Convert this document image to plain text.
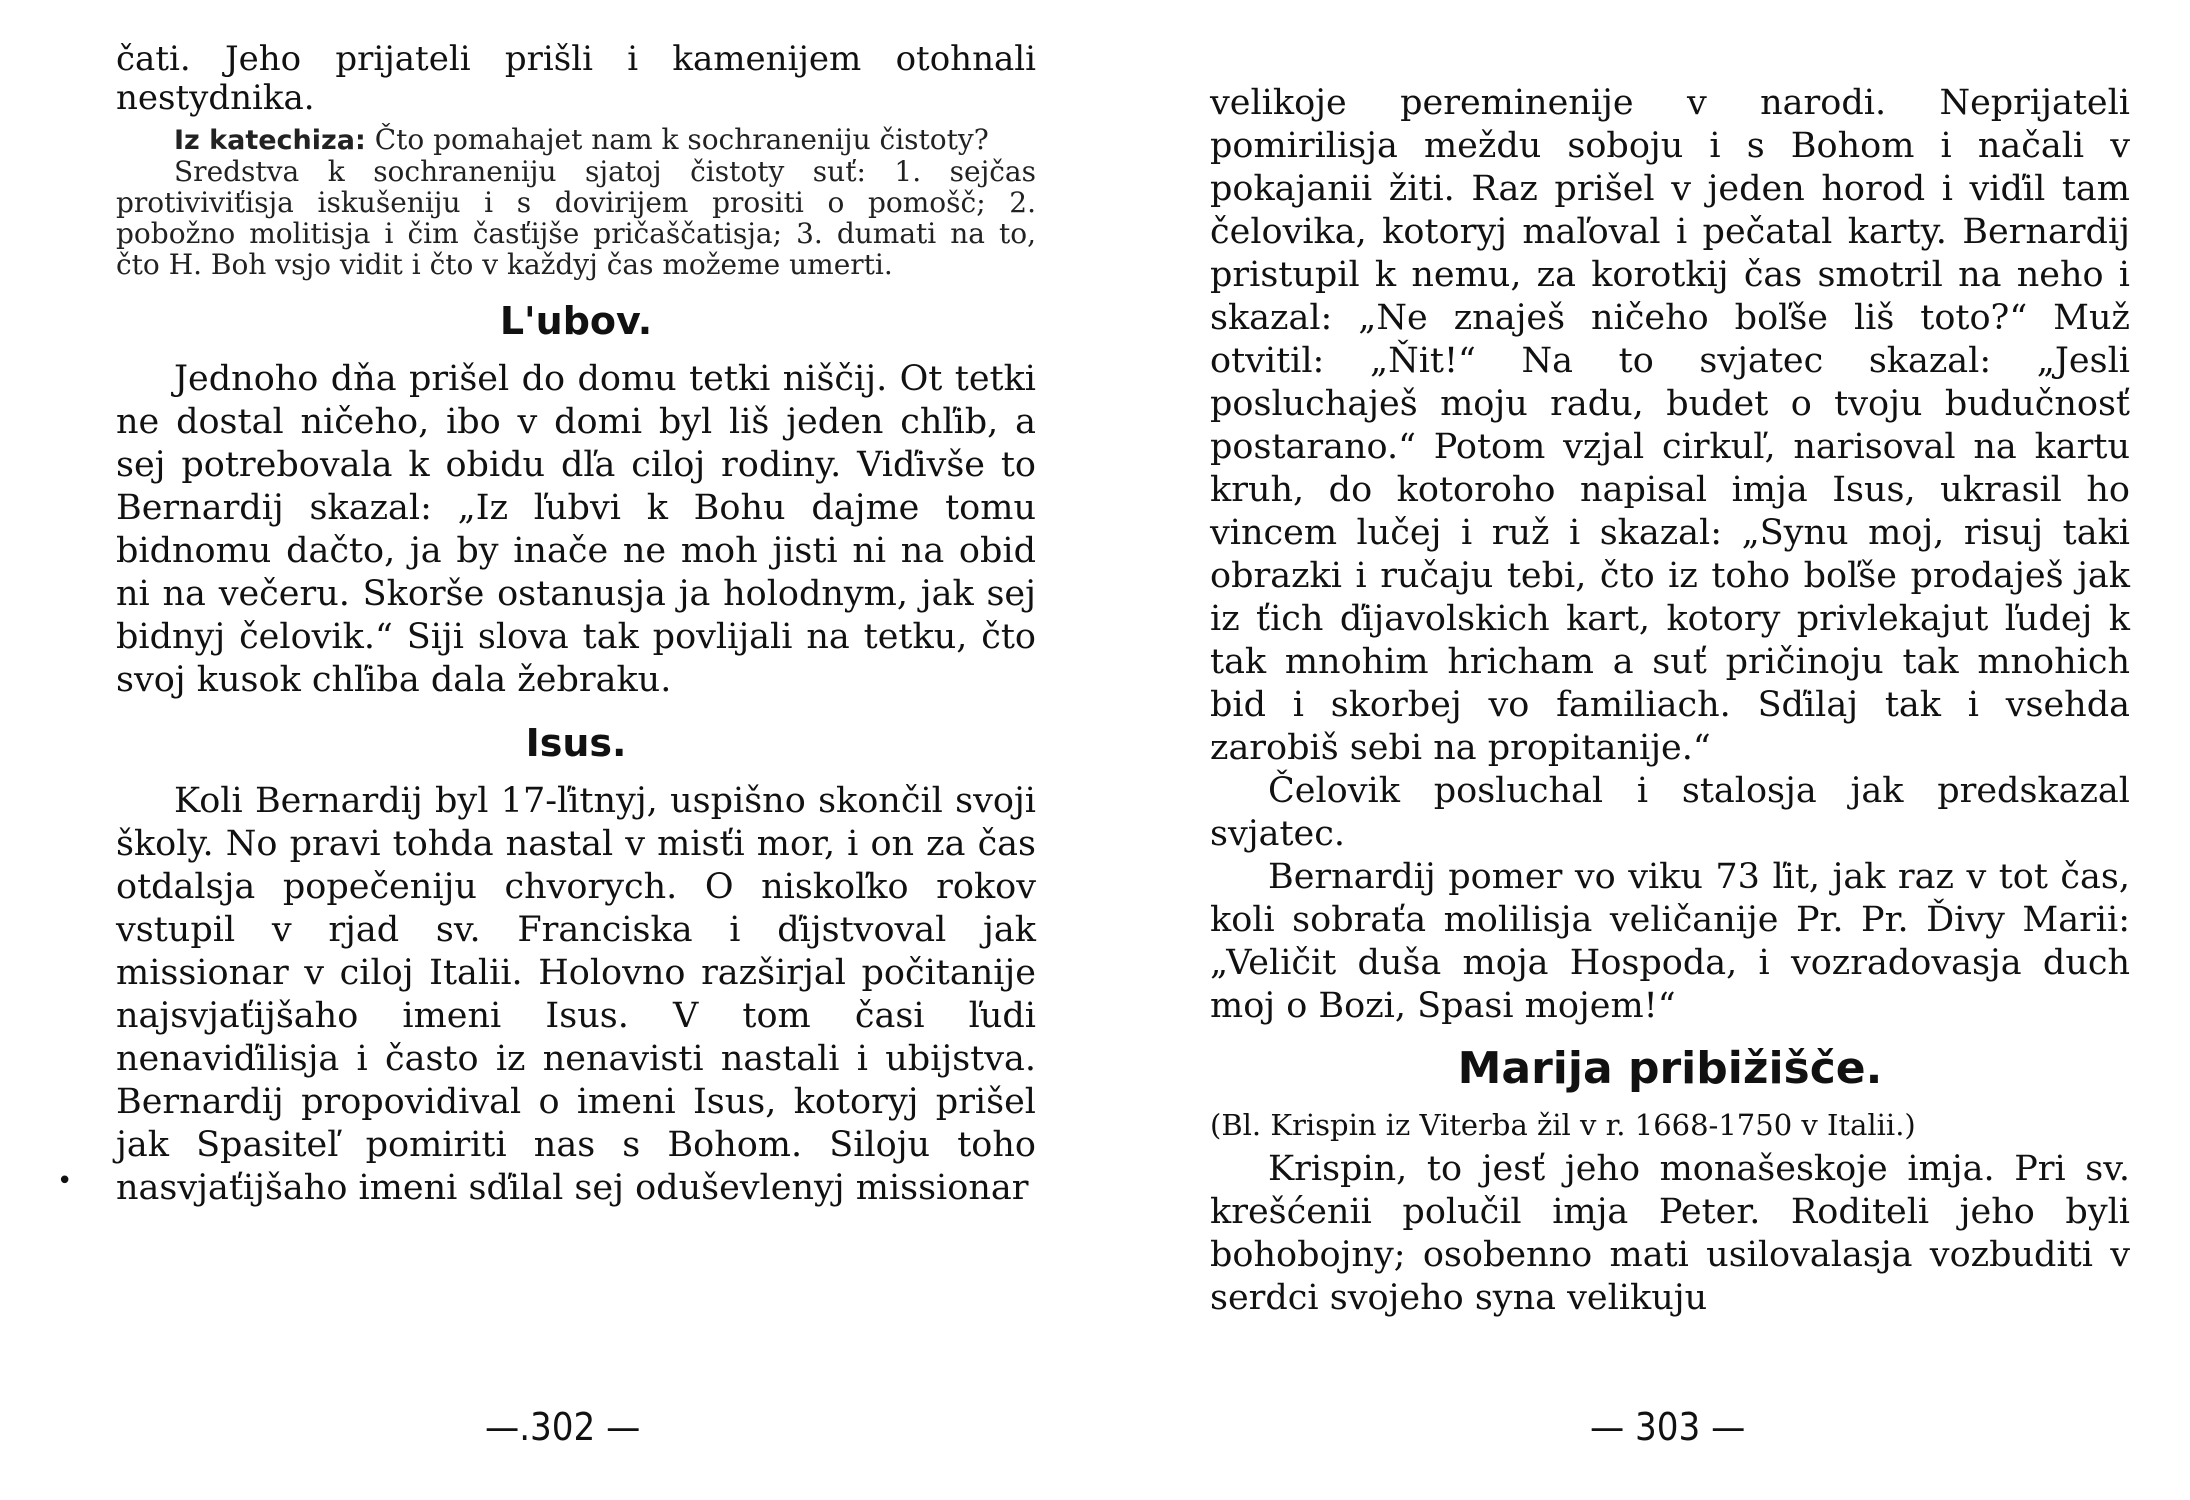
čati. Jeho prijateli prišli i kamenijem otohnali nestydnika.

Iz katechiza: Čto pomahajet nam k sochraneniju čistoty?

Sredstva k sochraneniju sjatoj čistoty suť: 1. sejčas protiviviťisja iskušeniju i s dovirijem prositi o pomošč; 2. pobožno molitisja i čim časťijše pričaščatisja; 3. dumati na to, čto H. Boh vsjo vidit i čto v každyj čas možeme umerti.

L'ubov.

Jednoho dňa prišel do domu tetki niščij. Ot tetki ne dostal ničeho, ibo v domi byl liš jeden chľib, a sej potrebovala k obidu dľa ciloj rodiny. Viďivše to Bernardij skazal: „Iz ľubvi k Bohu dajme tomu bidnomu dačto, ja by inače ne moh jisti ni na obid ni na večeru. Skorše ostanusja ja holodnym, jak sej bidnyj čelovik.“ Siji slova tak povlijali na tetku, čto svoj kusok chľiba dala žebraku.

Isus.

Koli Bernardij byl 17-ľitnyj, uspišno skončil svoji školy. No pravi tohda nastal v misťi mor, i on za čas otdalsja popečeniju chvorych. O niskoľko rokov vstupil v rjad sv. Franciska i ďijstvoval jak missionar v ciloj Italii. Holovno razširjal počitanije najsvjaťijšaho imeni Isus. V tom časi ľudi nenaviďilisja i často iz nenavisti nastali i ubijstva. Bernardij propovidival o imeni Isus, kotoryj prišel jak Spasiteľ pomiriti nas s Bohom. Siloju toho nasvjaťijšaho imeni sďilal sej oduševlenyj missionar

•
—.302 —

velikoje pereminenije v narodi. Neprijateli pomirilisja meždu soboju i s Bohom i načali v pokajanii žiti. Raz prišel v jeden horod i viďil tam čelovika, kotoryj maľoval i pečatal karty. Bernardij pristupil k nemu, za korotkij čas smotril na neho i skazal: „Ne znaješ ničeho boľše liš toto?“ Muž otvitil: „Ňit!“ Na to svjatec skazal: „Jesli posluchaješ moju radu, budet o tvoju budučnosť postarano.“ Potom vzjal cirkuľ, narisoval na kartu kruh, do kotoroho napisal imja Isus, ukrasil ho vincem lučej i ruž i skazal: „Synu moj, risuj taki obrazki i ručaju tebi, čto iz toho boľše prodaješ jak iz ťich ďijavolskich kart, kotory privlekajut ľudej k tak mnohim hrichаm a suť pričinoju tak mnohich bid i skorbej vo familiach. Sďilaj tak i vsehda zarobiš sebi na propitanije.“

Čelovik posluchal i stalosja jak predskazal svjatec.

Bernardij pomer vo viku 73 ľit, jak raz v tot čas, koli sobraťa molilisja veličanije Pr. Pr. Ďivy Marii: „Veličit duša moja Hospoda, i vozradovasja duch moj o Bozi, Spasi mojem!“

Marija pribіžišče.

(Bl. Krispin iz Viterba žil v r. 1668-1750 v Italii.)

Krispin, to jesť jeho monašeskoje imja. Pri sv. krešćenii polučil imja Peter. Roditeli jeho byli bohobojny; osobenno mati usilovalasja vozbuditi v serdci svojeho syna velikuju

— 303 —
